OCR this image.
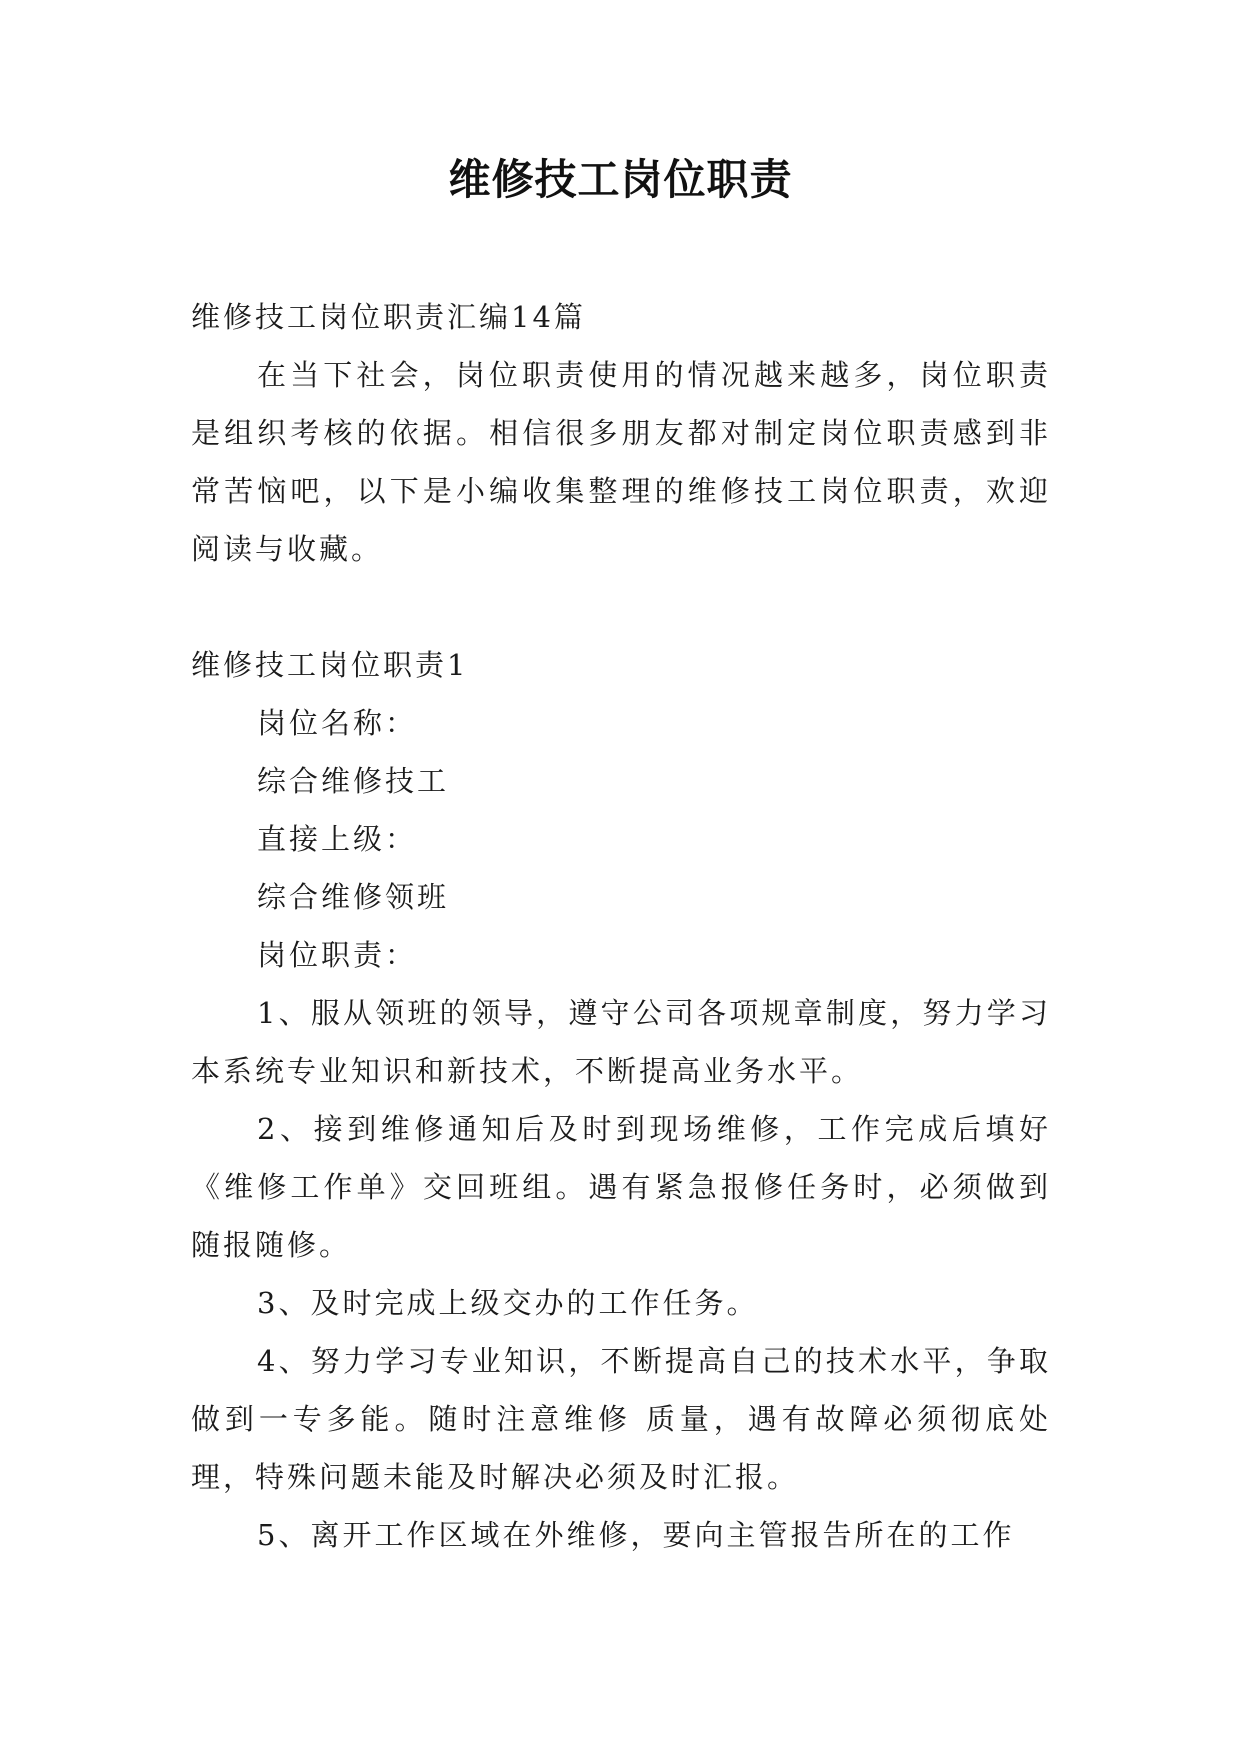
维修技工岗位职责

维修技工岗位职责汇编14篇

在当下社会，岗位职责使用的情况越来越多，岗位职责是组织考核的依据。相信很多朋友都对制定岗位职责感到非常苦恼吧，以下是小编收集整理的维修技工岗位职责，欢迎阅读与收藏。

维修技工岗位职责1

岗位名称：

综合维修技工

直接上级：

综合维修领班

岗位职责：

1、服从领班的领导，遵守公司各项规章制度，努力学习本系统专业知识和新技术，不断提高业务水平。

2、接到维修通知后及时到现场维修，工作完成后填好《维修工作单》交回班组。遇有紧急报修任务时，必须做到随报随修。

3、及时完成上级交办的工作任务。

4、努力学习专业知识，不断提高自己的技术水平，争取做到一专多能。随时注意维修 质量，遇有故障必须彻底处理，特殊问题未能及时解决必须及时汇报。

5、离开工作区域在外维修，要向主管报告所在的工作
